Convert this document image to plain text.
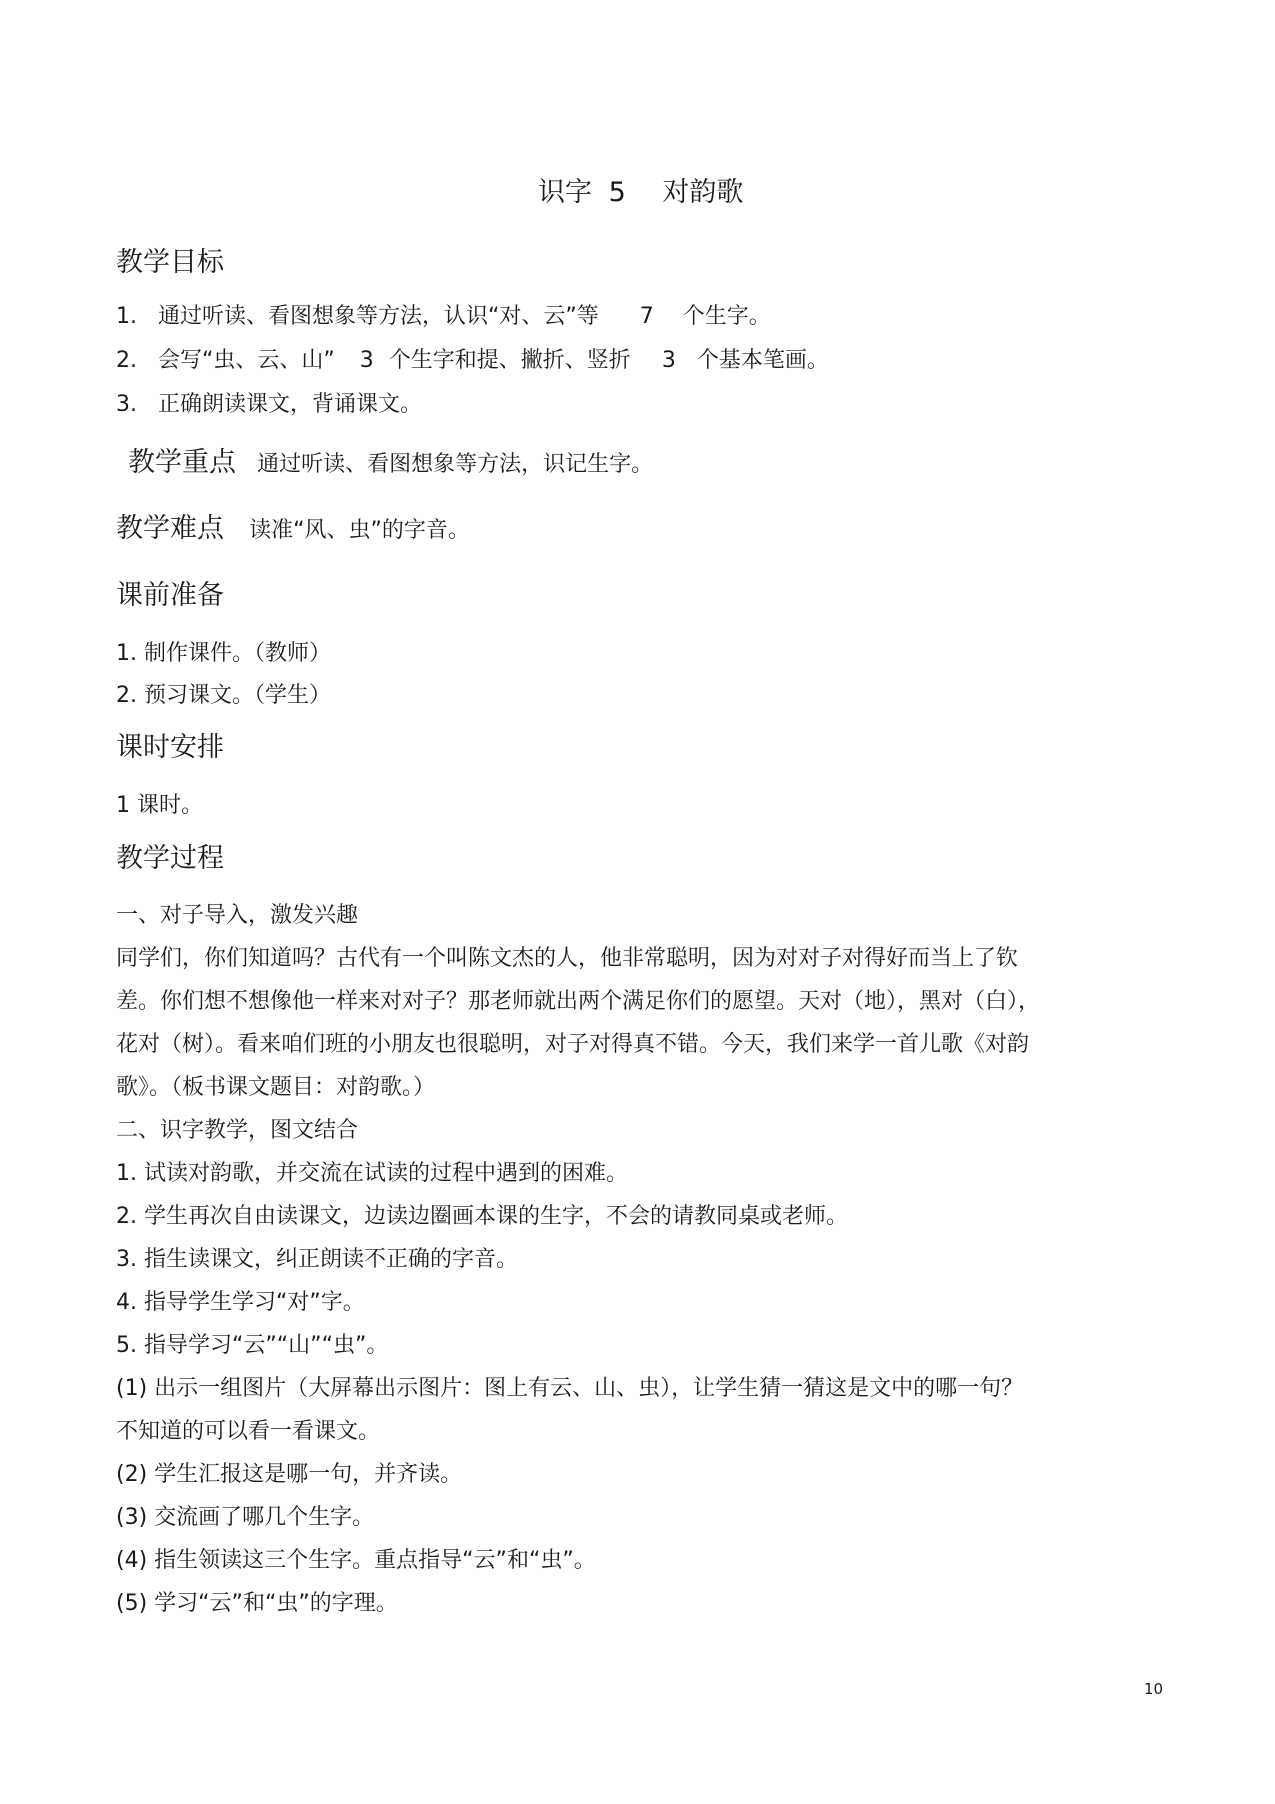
识字 5 对韵歌
教学目标
1. 通过听读、看图想象等方法，认识“对、云”等 7 个生字。
2. 会写“虫、云、山” 3 个生字和提、撇折、竖折 3 个基本笔画。
3. 正确朗读课文，背诵课文。
教学重点 通过听读、看图想象等方法，识记生字。
教学难点 读准“风、虫”的字音。
课前准备
1. 制作课件。（教师）
2. 预习课文。（学生）
课时安排
1 课时。
教学过程
一、对子导入，激发兴趣
同学们，你们知道吗？古代有一个叫陈文杰的人，他非常聪明，因为对对子对得好而当上了钦
差。你们想不想像他一样来对对子？那老师就出两个满足你们的愿望。天对（地），黑对（白），
花对（树）。看来咱们班的小朋友也很聪明，对子对得真不错。今天，我们来学一首儿歌《对韵
歌》。（板书课文题目：对韵歌。）
二、识字教学，图文结合
1. 试读对韵歌，并交流在试读的过程中遇到的困难。
2. 学生再次自由读课文，边读边圈画本课的生字，不会的请教同桌或老师。
3. 指生读课文，纠正朗读不正确的字音。
4. 指导学生学习“对”字。
5. 指导学习“云”“山”“虫”。
(1) 出示一组图片（大屏幕出示图片：图上有云、山、虫），让学生猜一猜这是文中的哪一句？
不知道的可以看一看课文。
(2) 学生汇报这是哪一句，并齐读。
(3) 交流画了哪几个生字。
(4) 指生领读这三个生字。重点指导“云”和“虫”。
(5) 学习“云”和“虫”的字理。
10
